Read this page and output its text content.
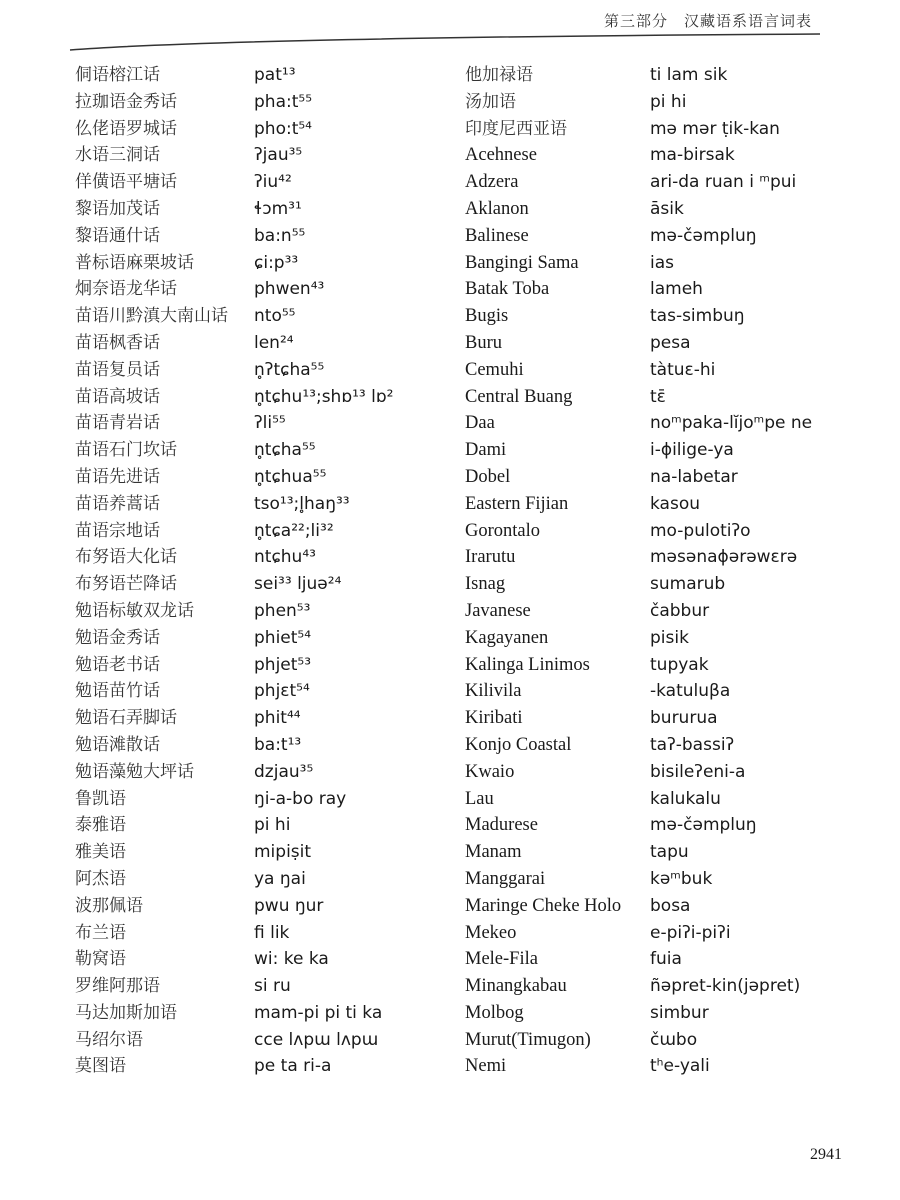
第三部分　汉藏语系语言词表
侗语榕江话
拉珈语金秀话
仫佬语罗城话
水语三洞话
佯僙语平塘话
黎语加茂话
黎语通什话
普标语麻栗坡话
炯奈语龙华话
苗语川黔滇大南山话
苗语枫香话
苗语复员话
苗语高坡话
苗语青岩话
苗语石门坎话
苗语先进话
苗语养蒿话
苗语宗地话
布努语大化话
布努语芒降话
勉语标敏双龙话
勉语金秀话
勉语老书话
勉语苗竹话
勉语石弄脚话
勉语滩散话
勉语藻勉大坪话
鲁凯语
泰雅语
雅美语
阿杰语
波那佩语
布兰语
勒窝语
罗维阿那语
马达加斯加语
马绍尔语
莫图语
pat¹³
pha:t⁵⁵
pho:t⁵⁴
ʔjau³⁵
ʔiu⁴²
ɬɔm³¹
ba:n⁵⁵
ɕi:p³³
phwen⁴³
nto⁵⁵
len²⁴
n̥ʔtɕha⁵⁵
n̥tɕhu¹³;shɒ¹³ lɒ²
ʔli⁵⁵
n̥tɕha⁵⁵
n̥tɕhua⁵⁵
tso¹³;l̥haŋ³³
n̥tɕa²²;li³²
ntɕhu⁴³
sei³³ ljuə²⁴
phen⁵³
phiet⁵⁴
phjet⁵³
phjɛt⁵⁴
phit⁴⁴
ba:t¹³
dzjau³⁵
ŋi-a-bo ray
pi hi
mipiṣit
ya ŋai
pwu ŋur
fi lik
wi: ke ka
si ru
mam-pi pi ti ka
cce lʌpɯ lʌpɯ
pe ta ri-a
他加禄语
汤加语
印度尼西亚语
Acehnese
Adzera
Aklanon
Balinese
Bangingi Sama
Batak Toba
Bugis
Buru
Cemuhi
Central Buang
Daa
Dami
Dobel
Eastern Fijian
Gorontalo
Irarutu
Isnag
Javanese
Kagayanen
Kalinga Linimos
Kilivila
Kiribati
Konjo Coastal
Kwaio
Lau
Madurese
Manam
Manggarai
Maringe Cheke Holo
Mekeo
Mele-Fila
Minangkabau
Molbog
Murut(Timugon)
Nemi
ti lam sik
pi hi
mə mər ṭik-kan
ma-birsak
ari-da ruan i ᵐpui
āsik
mə-čəmpluŋ
ias
lameh
tas-simbuŋ
pesa
tàtuɛ-hi
tɛ̄
noᵐpaka-lĭjoᵐpe ne
i-ɸilige-ya
na-labetar
kasou
mo-pulotiʔo
məsənaɸərəwɛrə
sumarub
čabbur
pisik
tupyak
-katuluβa
bururua
taʔ-bassiʔ
bisileʔeni-a
kalukalu
mə-čəmpluŋ
tapu
kəᵐbuk
bosa
e-piʔi-piʔi
fuia
ñəpret-kin(jəpret)
simbur
čɯbo
tʰe-yali
2941
